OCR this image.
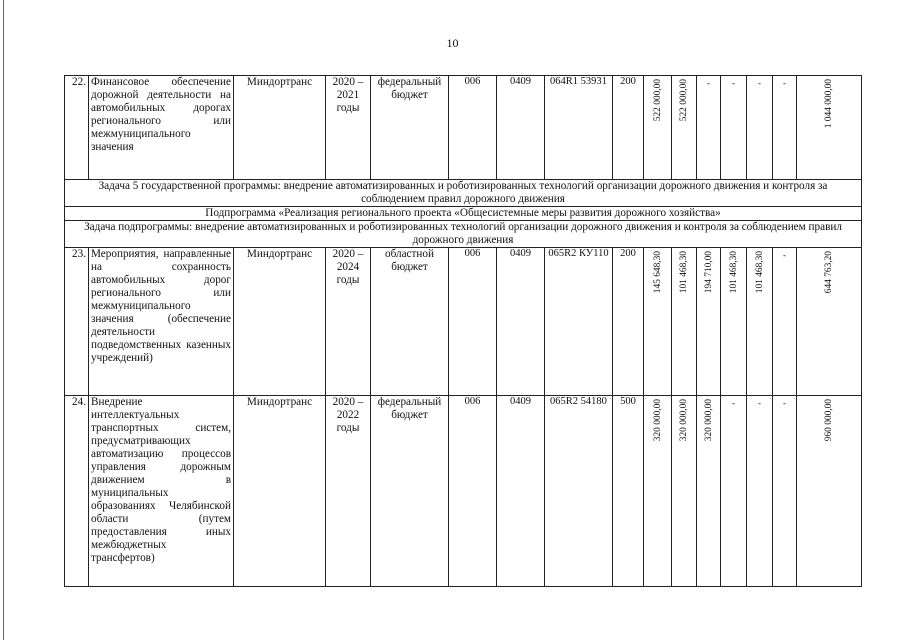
10
22.	Финансовое обеспечение дорожной деятельности на автомобильных дорогах регионального или межмуниципального значения	Миндортранс	2020 – 2021 годы	федеральный бюджет	006	0409	064R1 53931	200	522 000,00	522 000,00	-	-	-	-	1 044 000,00

Задача 5 государственной программы: внедрение автоматизированных и роботизированных технологий организации дорожного движения и контроля за соблюдением правил дорожного движения															
Подпрограмма «Реализация регионального проекта «Общесистемные меры развития дорожного хозяйства»															
Задача подпрограммы: внедрение автоматизированных и роботизированных технологий организации дорожного движения и контроля за соблюдением правил дорожного движения															
23.	Мероприятия, направленные на сохранность автомобильных дорог регионального или межмуниципального значения (обеспечение деятельности подведомственных казенных учреждений)	Миндортранс	2020 – 2024 годы	областной бюджет	006	0409	065R2 КУ110	200	145 648,30	101 468,30	194 710,00	101 468,30	101 468,30	-	644 763,20

24.	Внедрение интеллектуальных транспортных систем, предусматривающих автоматизацию процессов управления дорожным движением в муниципальных образованиях Челябинской области (путем предоставления иных межбюджетных трансфертов)	Миндортранс	2020 – 2022 годы	федеральный бюджет	006	0409	065R2 54180	500	320 000,00	320 000,00	320 000,00	-	-	-	960 000,00
